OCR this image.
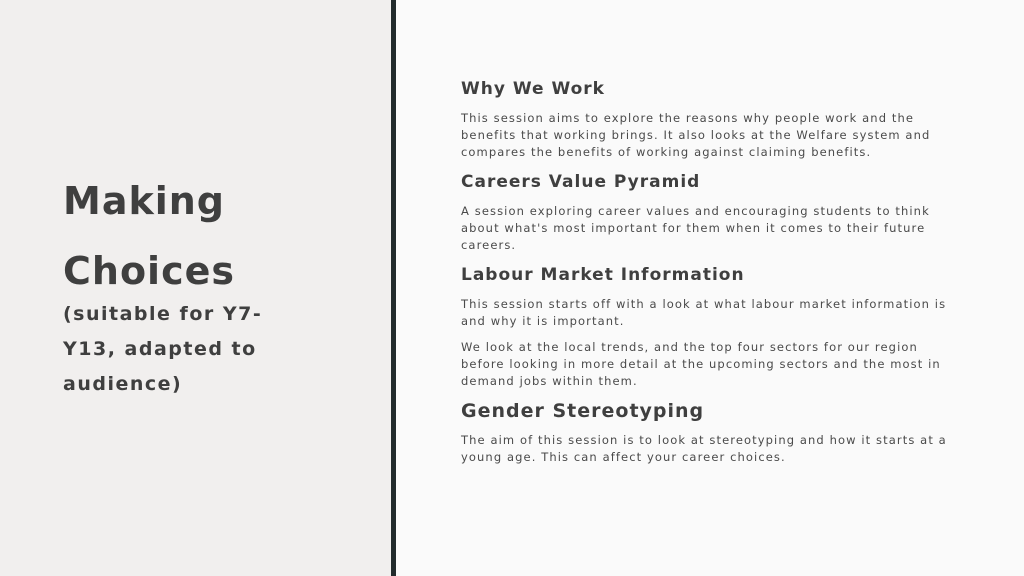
Making
Choices

(suitable for Y7-Y13, adapted to audience)

Why We Work

This session aims to explore the reasons why people work and the benefits that working brings. It also looks at the Welfare system and compares the benefits of working against claiming benefits.

Careers Value Pyramid

A session exploring career values and encouraging students to think about what's most important for them when it comes to their future careers.

Labour Market Information

This session starts off with a look at what labour market information is and why it is important.

We look at the local trends, and the top four sectors for our region before looking in more detail at the upcoming sectors and the most in demand jobs within them.

Gender Stereotyping

The aim of this session is to look at stereotyping and how it starts at a young age. This can affect your career choices.
